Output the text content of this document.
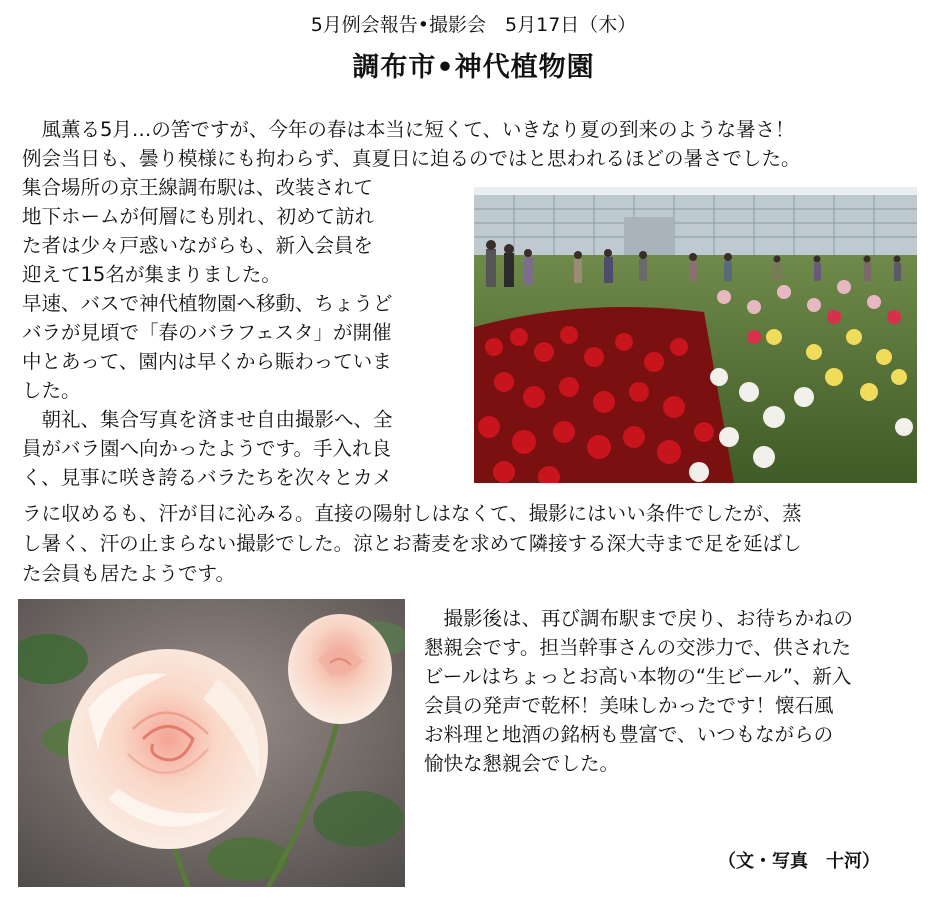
5月例会報告•撮影会　5月17日（木）
調布市•神代植物園
　風薫る5月…の筈ですが、今年の春は本当に短くて、いきなり夏の到来のような暑さ！
例会当日も、曇り模様にも拘わらず、真夏日に迫るのではと思われるほどの暑さでした。
集合場所の京王線調布駅は、改装されて
地下ホームが何層にも別れ、初めて訪れ
た者は少々戸惑いながらも、新入会員を
迎えて15名が集まりました。
早速、バスで神代植物園へ移動、ちょうど
バラが見頃で「春のバラフェスタ」が開催
中とあって、園内は早くから賑わっていま
した。
　朝礼、集合写真を済ませ自由撮影へ、全
員がバラ園へ向かったようです。手入れ良
く、見事に咲き誇るバラたちを次々とカメ
ラに収めるも、汗が目に沁みる。直接の陽射しはなくて、撮影にはいい条件でしたが、蒸
し暑く、汗の止まらない撮影でした。涼とお蕎麦を求めて隣接する深大寺まで足を延ばし
た会員も居たようです。
　撮影後は、再び調布駅まで戻り、お待ちかねの
懇親会です。担当幹事さんの交渉力で、供された
ビールはちょっとお高い本物の“生ビール”、新入
会員の発声で乾杯！美味しかったです！懐石風
お料理と地酒の銘柄も豊富で、いつもながらの
愉快な懇親会でした。
（文・写真　十河）
